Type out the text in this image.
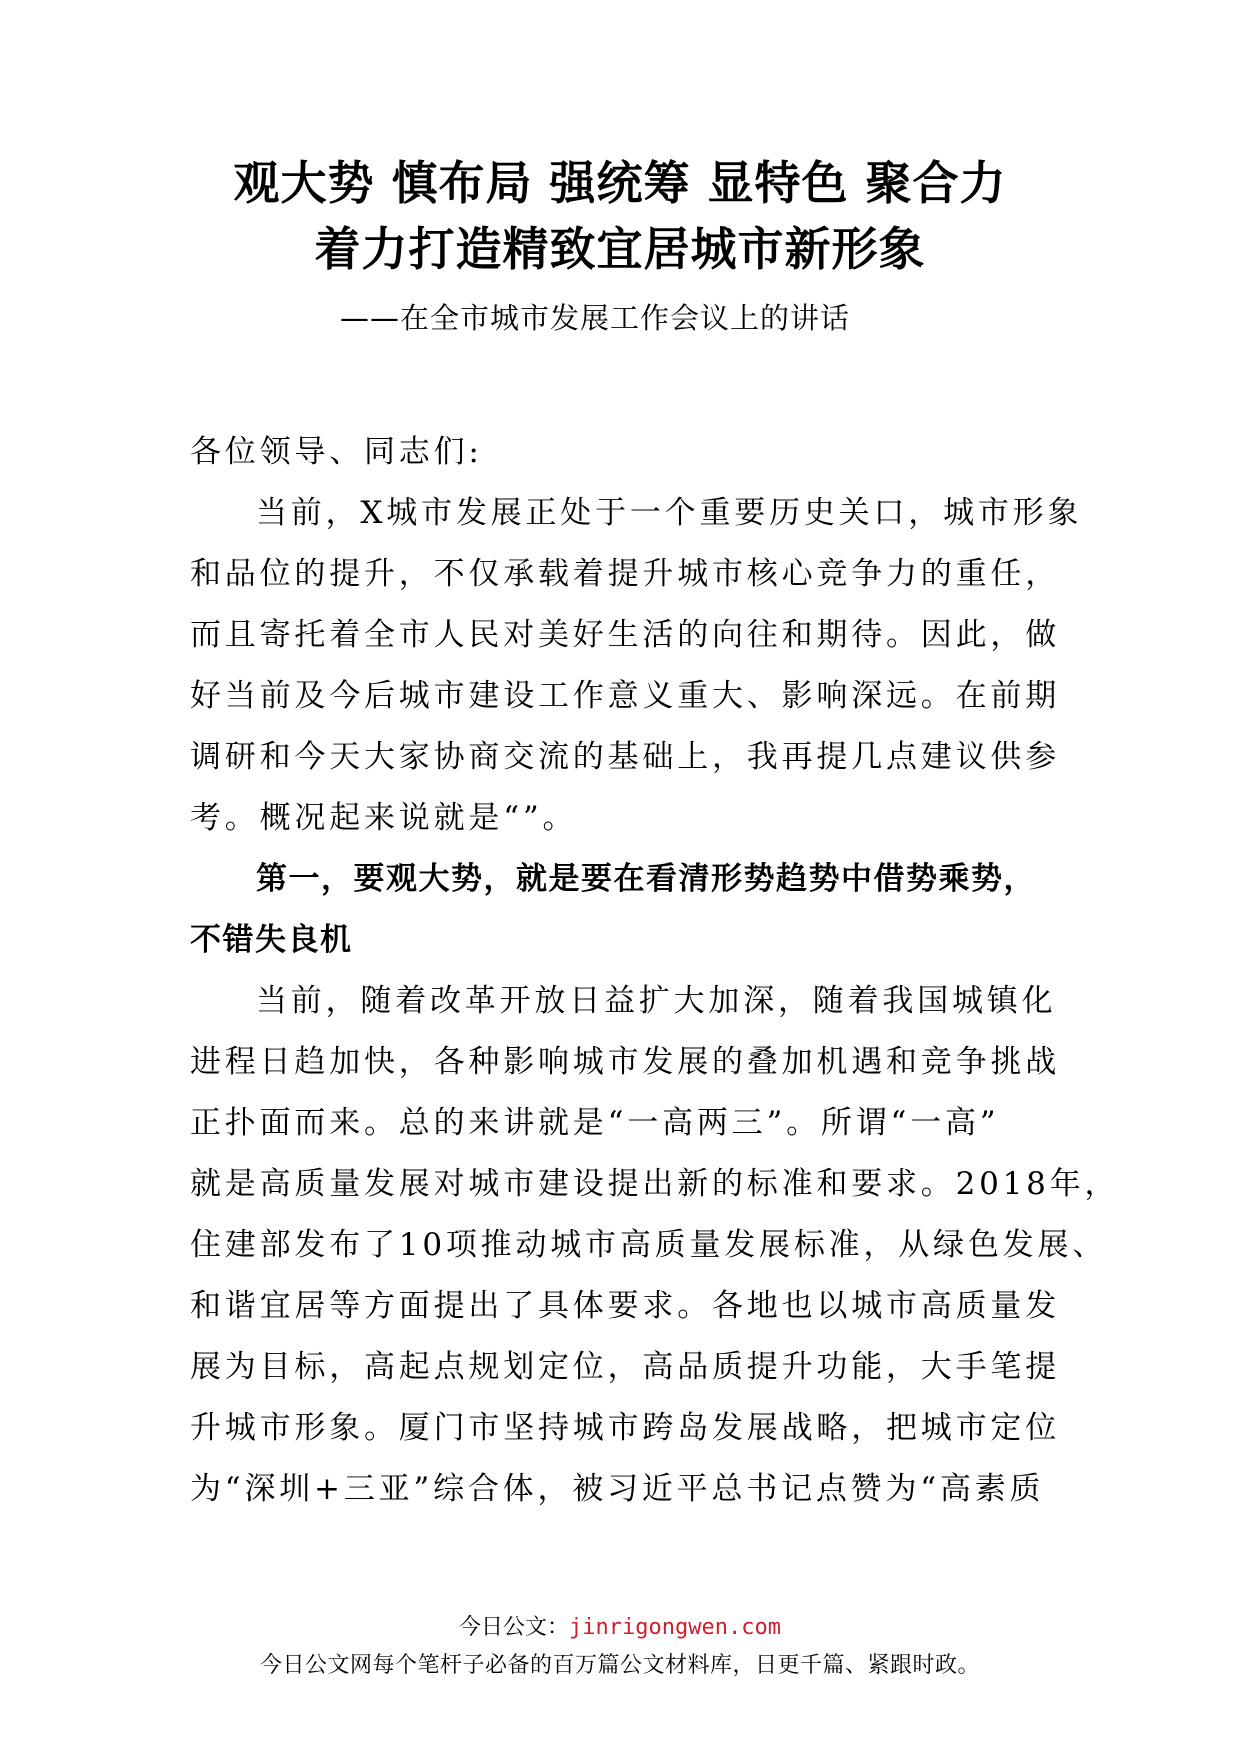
观大势 慎布局 强统筹 显特色 聚合力
着力打造精致宜居城市新形象
——在全市城市发展工作会议上的讲话
各位领导、同志们:
当前，X城市发展正处于一个重要历史关口，城市形象
和品位的提升，不仅承载着提升城市核心竞争力的重任，
而且寄托着全市人民对美好生活的向往和期待。因此，做
好当前及今后城市建设工作意义重大、影响深远。在前期
调研和今天大家协商交流的基础上，我再提几点建议供参
考。概况起来说就是“”。
第一，要观大势，就是要在看清形势趋势中借势乘势，
不错失良机
当前，随着改革开放日益扩大加深，随着我国城镇化
进程日趋加快，各种影响城市发展的叠加机遇和竞争挑战
正扑面而来。总的来讲就是“一高两三”。所谓“一高”
就是高质量发展对城市建设提出新的标准和要求。2018年，
住建部发布了10项推动城市高质量发展标准，从绿色发展、
和谐宜居等方面提出了具体要求。各地也以城市高质量发
展为目标，高起点规划定位，高品质提升功能，大手笔提
升城市形象。厦门市坚持城市跨岛发展战略，把城市定位
为“深圳+三亚”综合体，被习近平总书记点赞为“高素质
今日公文：jinrigongwen.com
今日公文网每个笔杆子必备的百万篇公文材料库，日更千篇、紧跟时政。
